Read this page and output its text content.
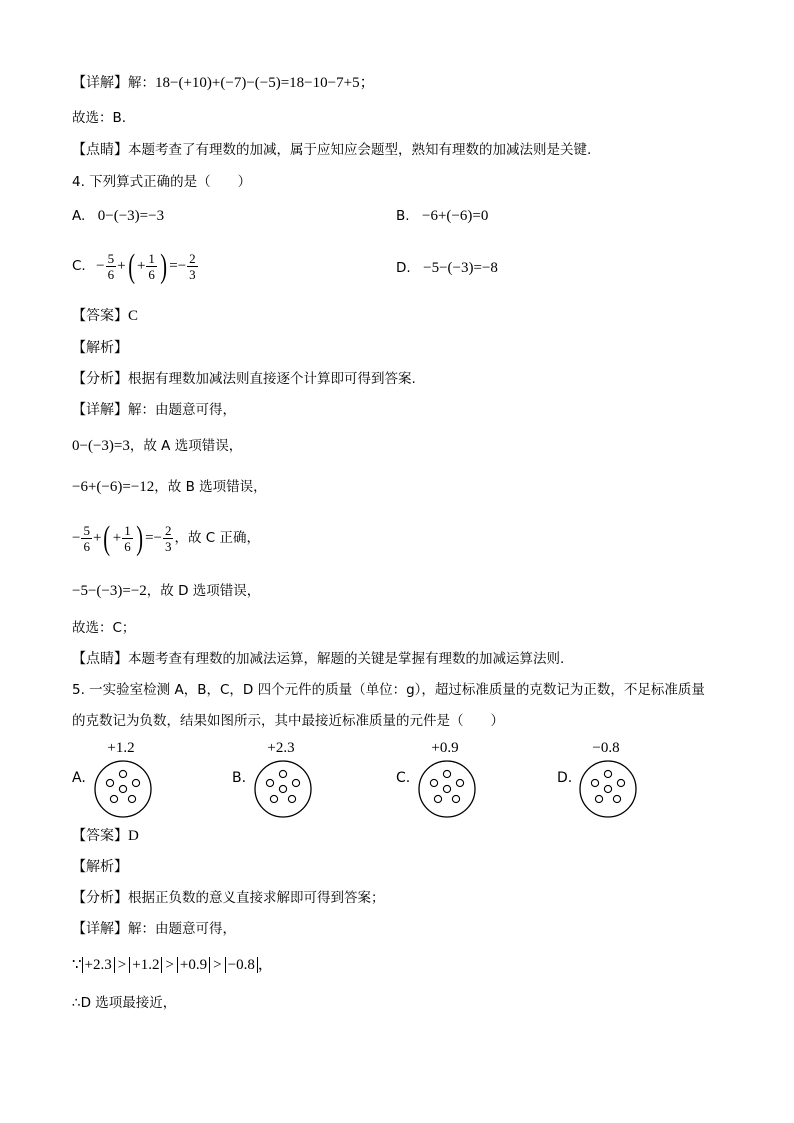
【详解】解：18−(+10)+(−7)−(−5)=18−10−7+5；
故选：B.
【点睛】本题考查了有理数的加减，属于应知应会题型，熟知有理数的加减法则是关键.
4. 下列算式正确的是（　　）
A. 0−(−3)=−3	B. −6+(−6)=0
C. − $\frac{5}{6}$ +( + $\frac{1}{6}$ ) =− $\frac{2}{3}$	D. −5−(−3)=−8
【答案】C
【解析】
【分析】根据有理数加减法则直接逐个计算即可得到答案.
【详解】解：由题意可得，
0−(−3)=3，故 A 选项错误，
−6+(−6)=−12，故 B 选项错误，
− $\frac{5}{6}$ +( + $\frac{1}{6}$ ) =− $\frac{2}{3}$ ，故 C 正确，
−5−(−3)=−2，故 D 选项错误，
故选：C；
【点睛】本题考查有理数的加减法运算，解题的关键是掌握有理数的加减运算法则.
5. 一实验室检测 A，B，C，D 四个元件的质量（单位：g），超过标准质量的克数记为正数，不足标准质量
的克数记为负数，结果如图所示，其中最接近标准质量的元件是（　　）
+1.2
A.
+2.3
B.
+0.9
C.
−0.8
D.
【答案】D
【解析】
【分析】根据正负数的意义直接求解即可得到答案；
【详解】解：由题意可得，
∵ +2.3 > +1.2 > +0.9 > −0.8 ，
∴D 选项最接近，
